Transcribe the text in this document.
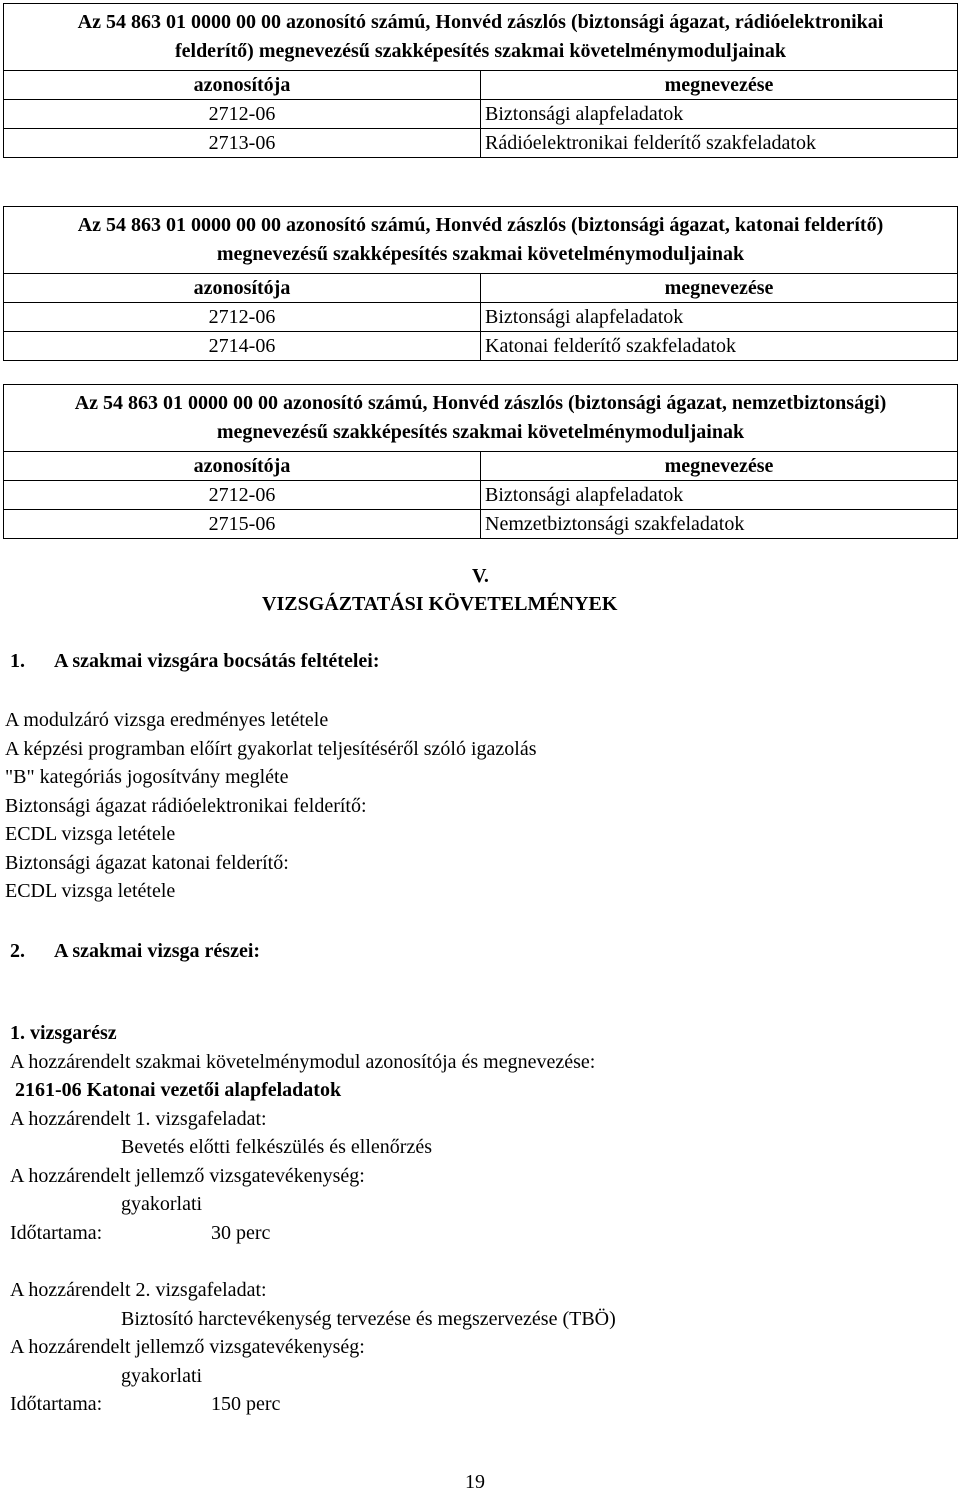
Az 54 863 01 0000 00 00 azonosító számú, Honvéd zászlós (biztonsági ágazat, rádióelektronikai felderítő) megnevezésű szakképesítés szakmai követelménymoduljainak	
azonosítója	megnevezése
2712-06	Biztonsági alapfeladatok
2713-06	Rádióelektronikai felderítő szakfeladatok
Az 54 863 01 0000 00 00 azonosító számú, Honvéd zászlós (biztonsági ágazat, katonai felderítő) megnevezésű szakképesítés szakmai követelménymoduljainak	
azonosítója	megnevezése
2712-06	Biztonsági alapfeladatok
2714-06	Katonai felderítő szakfeladatok
Az 54 863 01 0000 00 00 azonosító számú, Honvéd zászlós (biztonsági ágazat, nemzetbiztonsági) megnevezésű szakképesítés szakmai követelménymoduljainak	
azonosítója	megnevezése
2712-06	Biztonsági alapfeladatok
2715-06	Nemzetbiztonsági szakfeladatok
V.
VIZSGÁZTATÁSI KÖVETELMÉNYEK
1. A szakmai vizsgára bocsátás feltételei:
A modulzáró vizsga eredményes letétele
A képzési programban előírt gyakorlat teljesítéséről szóló igazolás
"B" kategóriás jogosítvány megléte
Biztonsági ágazat rádióelektronikai felderítő:
ECDL vizsga letétele
Biztonsági ágazat katonai felderítő:
ECDL vizsga letétele
2. A szakmai vizsga részei:
1. vizsgarész
A hozzárendelt szakmai követelménymodul azonosítója és megnevezése:
2161-06 Katonai vezetői alapfeladatok
A hozzárendelt 1. vizsgafeladat:
Bevetés előtti felkészülés és ellenőrzés
A hozzárendelt jellemző vizsgatevékenység:
gyakorlati
Időtartama:	30 perc
A hozzárendelt 2. vizsgafeladat:
Biztosító harctevékenység tervezése és megszervezése (TBÖ)
A hozzárendelt jellemző vizsgatevékenység:
gyakorlati
Időtartama:	150 perc
19
